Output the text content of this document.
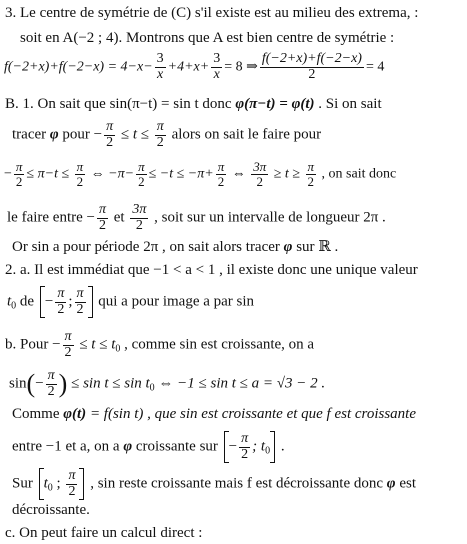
3. Le centre de symétrie de (C) s'il existe est au milieu des extrema, :
soit en A(−2 ; 4). Montrons que A est bien centre de symétrie :
$f(-2+x)+f(-2-x) = 4-x- \frac{3}{x} +4+x+ \frac{3}{x} = 8$ ⇒ $\frac{f(-2+x)+f(-2-x)}{2} = 4$
B. 1. On sait que sin(π−t) = sin t donc φ(π−t) = φ(t) . Si on sait
tracer φ pour − $\frac{\pi}{2} \le t \le \frac{\pi}{2}$ alors on sait le faire pour
− $\frac{\pi}{2} \le \pi-t \le \frac{\pi}{2}$ ⇔ $-\pi- \frac{\pi}{2} \le -t \le -\pi+ \frac{\pi}{2}$ ⇔ $\frac{3\pi}{2} \ge t \ge \frac{\pi}{2}$ , on sait donc
le faire entre − $\frac{\pi}{2}$ et $\frac{3\pi}{2}$ , soit sur un intervalle de longueur 2π .
Or sin a pour période 2π , on sait alors tracer φ sur ℝ .
2. a. Il est immédiat que −1 < a < 1 , il existe donc une unique valeur
$t_0$ de − $\frac{\pi}{2}$ ; $\frac{\pi}{2}$ qui a pour image a par sin
b. Pour − $\frac{\pi}{2} \le t \le t_0$ , comme sin est croissante, on a
$\sin(- \frac{\pi}{2}$ ) ≤ $\sin t \le \sin t_0$ ⇔ −1 ≤ sin t ≤ a = √3 − 2 .
Comme φ(t) = f(sin t) , que sin est croissante et que f est croissante
entre −1 et a, on a φ croissante sur − $\frac{\pi}{2}$ ; $t_0$ .
Sur $t_0$ ; $\frac{\pi}{2}$ , sin reste croissante mais f est décroissante donc φ est
décroissante.
c. On peut faire un calcul direct :
